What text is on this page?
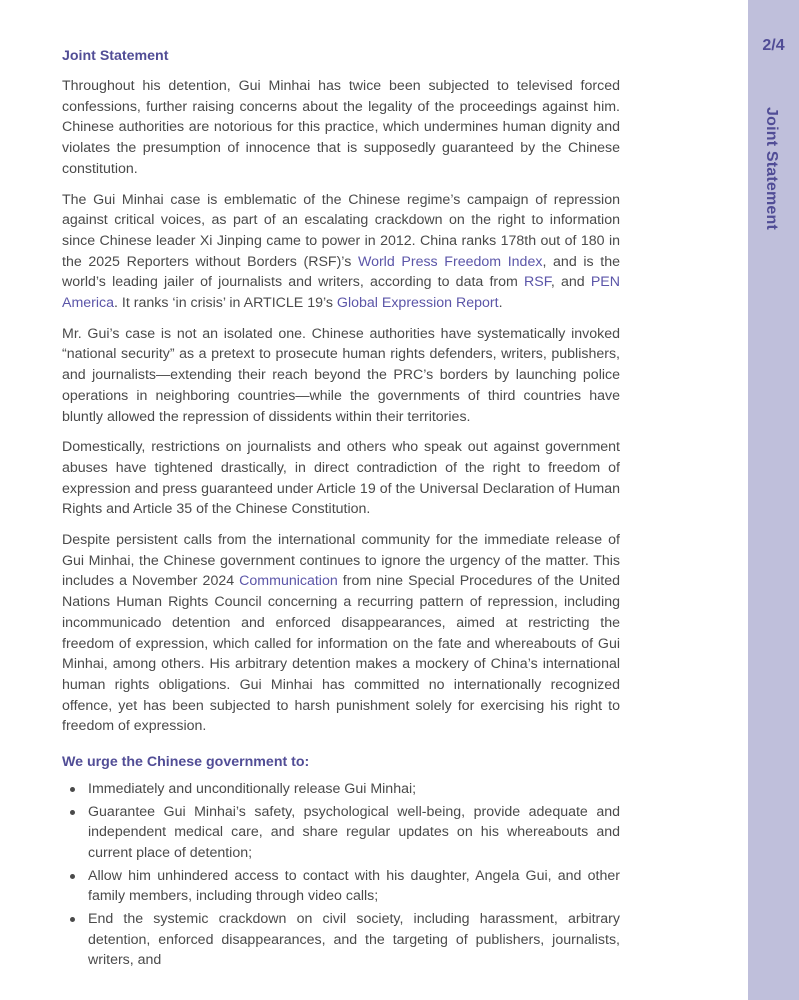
Joint Statement

Throughout his detention, Gui Minhai has twice been subjected to televised forced confessions, further raising concerns about the legality of the proceedings against him. Chinese authorities are notorious for this practice, which undermines human dignity and violates the presumption of innocence that is supposedly guaranteed by the Chinese constitution.

The Gui Minhai case is emblematic of the Chinese regime’s campaign of repression against critical voices, as part of an escalating crackdown on the right to information since Chinese leader Xi Jinping came to power in 2012. China ranks 178th out of 180 in the 2025 Reporters without Borders (RSF)’s World Press Freedom Index, and is the world’s leading jailer of journalists and writers, according to data from RSF, and PEN America. It ranks ‘in crisis’ in ARTICLE 19’s Global Expression Report.

Mr. Gui’s case is not an isolated one. Chinese authorities have systematically invoked “national security” as a pretext to prosecute human rights defenders, writers, publishers, and journalists—extending their reach beyond the PRC’s borders by launching police operations in neighboring countries—while the governments of third countries have bluntly allowed the repression of dissidents within their territories.

Domestically, restrictions on journalists and others who speak out against government abuses have tightened drastically, in direct contradiction of the right to freedom of expression and press guaranteed under Article 19 of the Universal Declaration of Human Rights and Article 35 of the Chinese Constitution.

Despite persistent calls from the international community for the immediate release of Gui Minhai, the Chinese government continues to ignore the urgency of the matter. This includes a November 2024 Communication from nine Special Procedures of the United Nations Human Rights Council concerning a recurring pattern of repression, including incommunicado detention and enforced disappearances, aimed at restricting the freedom of expression, which called for information on the fate and whereabouts of Gui Minhai, among others. His arbitrary detention makes a mockery of China’s international human rights obligations. Gui Minhai has committed no internationally recognized offence, yet has been subjected to harsh punishment solely for exercising his right to freedom of expression.

We urge the Chinese government to:
Immediately and unconditionally release Gui Minhai;
Guarantee Gui Minhai’s safety, psychological well-being, provide adequate and independent medical care, and share regular updates on his whereabouts and current place of detention;
Allow him unhindered access to contact with his daughter, Angela Gui, and other family members, including through video calls;
End the systemic crackdown on civil society, including harassment, arbitrary detention, enforced disappearances, and the targeting of publishers, journalists, writers, and
2/4
Joint Statement
